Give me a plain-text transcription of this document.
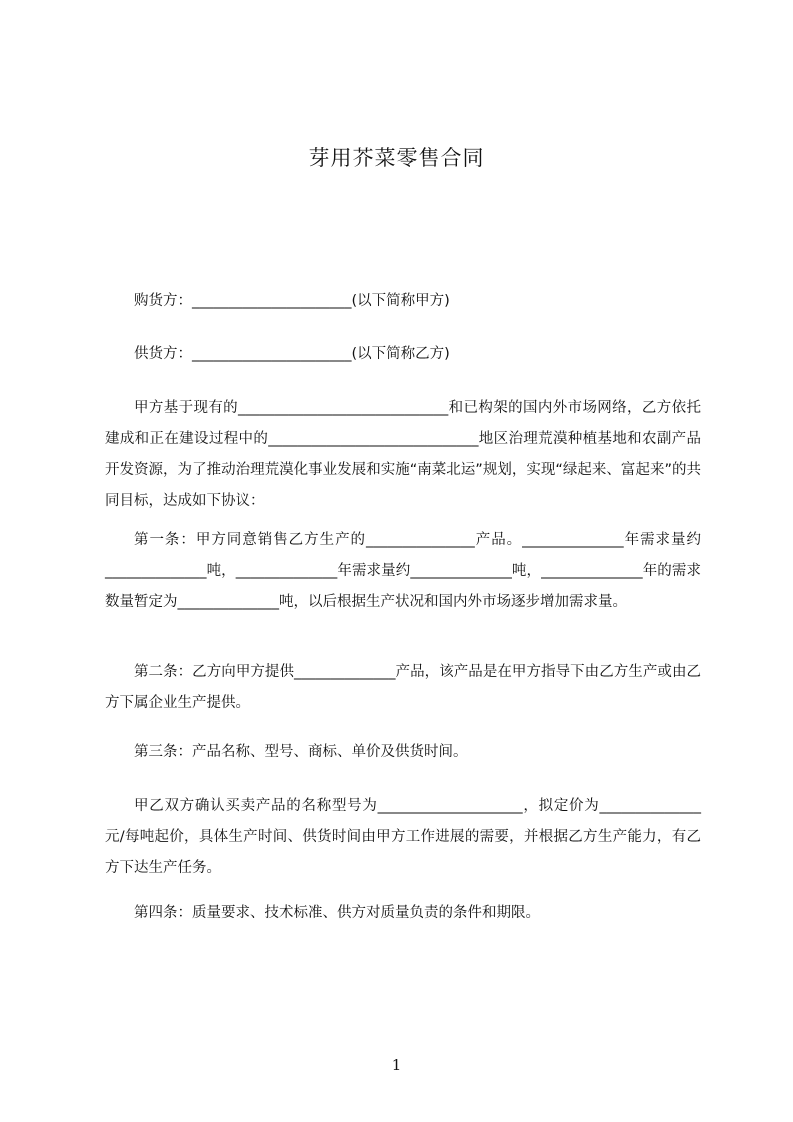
芽用芥菜零售合同

购货方：______________________(以下简称甲方)

供货方：______________________(以下简称乙方)

甲方基于现有的_____________________________和已构架的国内外市场网络，乙方依托建成和正在建设过程中的_____________________________地区治理荒漠种植基地和农副产品开发资源，为了推动治理荒漠化事业发展和实施“南菜北运”规划，实现“绿起来、富起来”的共同目标，达成如下协议：

第一条：甲方同意销售乙方生产的_______________产品。______________年需求量约______________吨，______________年需求量约______________吨，______________年的需求数量暂定为______________吨，以后根据生产状况和国内外市场逐步增加需求量。

第二条：乙方向甲方提供______________产品，该产品是在甲方指导下由乙方生产或由乙方下属企业生产提供。

第三条：产品名称、型号、商标、单价及供货时间。

甲乙双方确认买卖产品的名称型号为____________________，拟定价为______________元/每吨起价，具体生产时间、供货时间由甲方工作进展的需要，并根据乙方生产能力，有乙方下达生产任务。

第四条：质量要求、技术标准、供方对质量负责的条件和期限。

1
